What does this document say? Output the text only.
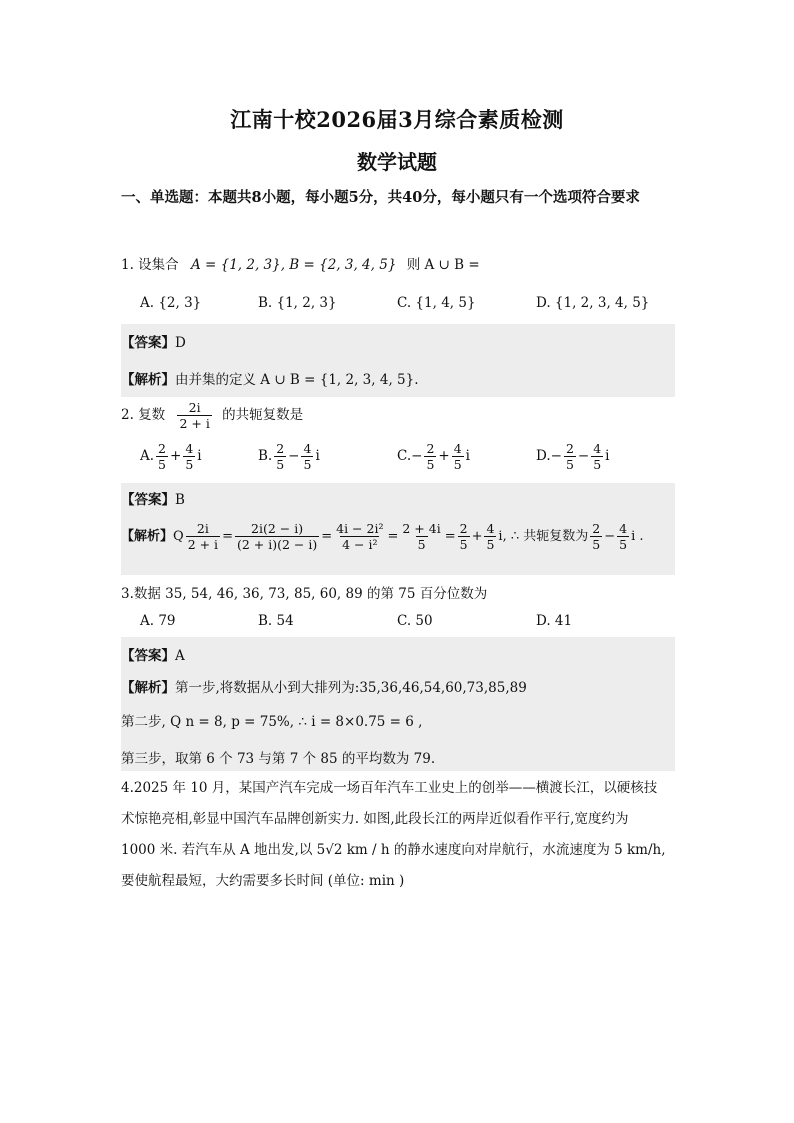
江南十校2026届3月综合素质检测
数学试题
一、单选题：本题共8小题，每小题5分，共40分，每小题只有一个选项符合要求
1. 设集合 A = {1, 2, 3}, B = {2, 3, 4, 5} 则 A ∪ B =
A. {2, 3}	B. {1, 2, 3}	C. {1, 4, 5}	D. {1, 2, 3, 4, 5}
【答案】D
【解析】由并集的定义 A ∪ B = {1, 2, 3, 4, 5}.
2. 复数 $\frac{2i}{2 + i}$ 的共轭复数是
A. $\frac{2}{5} + \frac{4}{5}$ i	B. $\frac{2}{5} - \frac{4}{5}$ i	$C.- \frac{2}{5} + \frac{4}{5}$ i	$D.- \frac{2}{5} - \frac{4}{5}$ i
【答案】B
【解析】Q $\frac{2i}{2 + i} = \frac{2i(2 - i)}{(2 + i)(2 - i)} = \frac{\text{4i − 2i²}}{\text{4 − i²}} = \frac{2 + 4i}{5} = \frac{2}{5} + \frac{4}{5} i$, ∴ 共轭复数为 $\frac{2}{5} - \frac{4}{5}$ i .
3.数据 35, 54, 46, 36, 73, 85, 60, 89 的第 75 百分位数为
A. 79	B. 54	C. 50	D. 41
【答案】A
【解析】第一步,将数据从小到大排列为:35,36,46,54,60,73,85,89
第二步, Q n = 8, p = 75%, ∴ i = 8×0.75 = 6 ,
第三步，取第 6 个 73 与第 7 个 85 的平均数为 79.

4.2025 年 10 月，某国产汽车完成一场百年汽车工业史上的创举——横渡长江，以硬核技

术惊艳亮相,彰显中国汽车品牌创新实力. 如图,此段长江的两岸近似看作平行,宽度约为

1000 米. 若汽车从 A 地出发,以 5√2 km / h 的静水速度向对岸航行，水流速度为 5 km/h,

要使航程最短，大约需要多长时间 (单位: min )
